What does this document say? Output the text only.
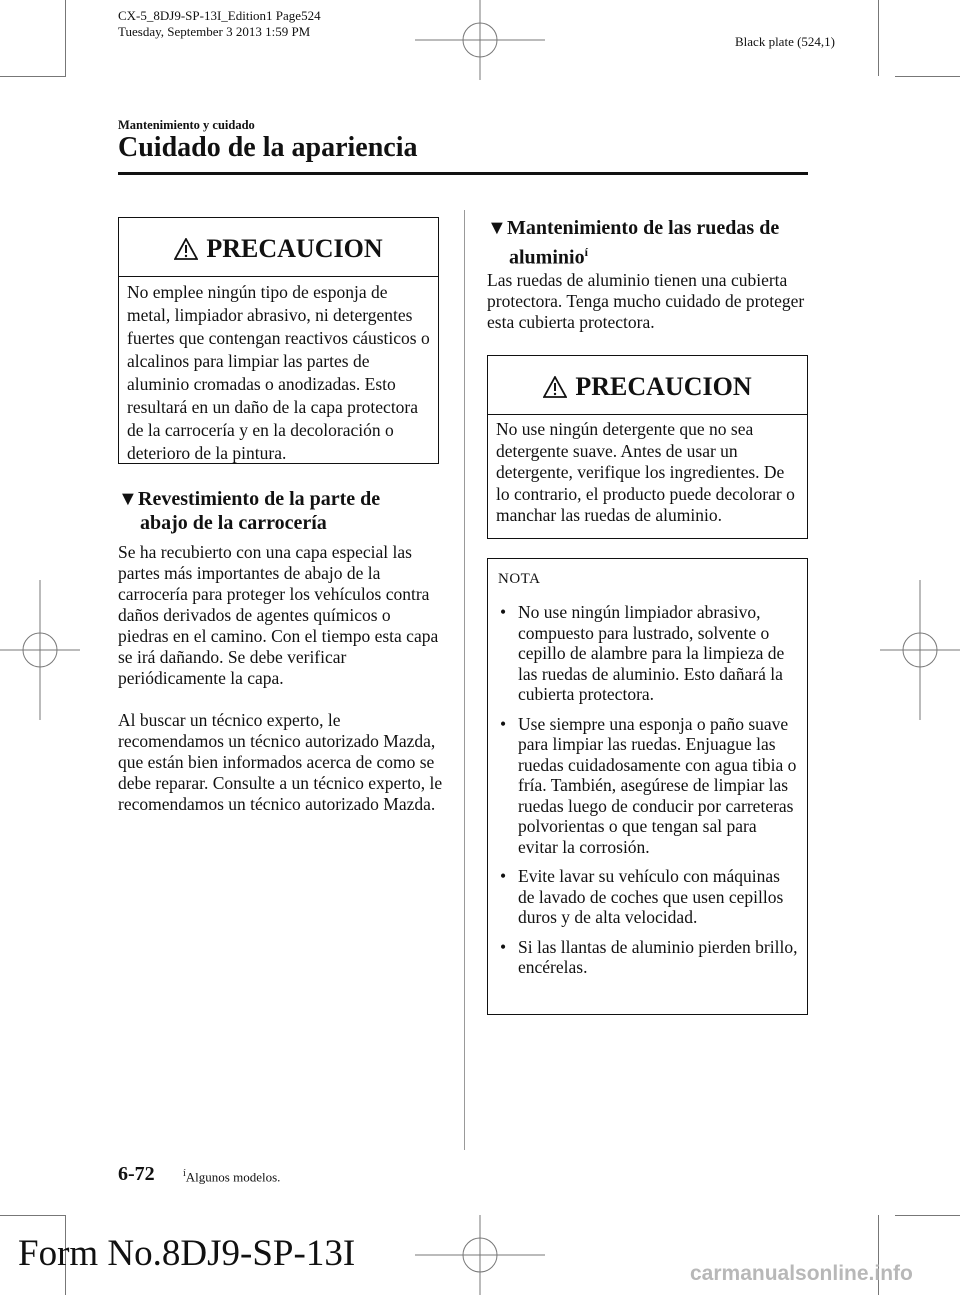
CX-5_8DJ9-SP-13I_Edition1 Page524
Tuesday, September 3 2013 1:59 PM
Black plate (524,1)
Mantenimiento y cuidado
Cuidado de la apariencia
PRECAUCION
No emplee ningún tipo de esponja de metal, limpiador abrasivo, ni detergentes fuertes que contengan reactivos cáusticos o alcalinos para limpiar las partes de aluminio cromadas o anodizadas. Esto resultará en un daño de la capa protectora de la carrocería y en la decoloración o deterioro de la pintura.
▼Revestimiento de la parte de
abajo de la carrocería
Se ha recubierto con una capa especial las partes más importantes de abajo de la carrocería para proteger los vehículos contra daños derivados de agentes químicos o piedras en el camino. Con el tiempo esta capa se irá dañando. Se debe verificar periódicamente la capa.
Al buscar un técnico experto, le recomendamos un técnico autorizado Mazda, que están bien informados acerca de como se debe reparar. Consulte a un técnico experto, le recomendamos un técnico autorizado Mazda.
▼Mantenimiento de las ruedas de
aluminio$^í$
Las ruedas de aluminio tienen una cubierta protectora. Tenga mucho cuidado de proteger esta cubierta protectora.
PRECAUCION
No use ningún detergente que no sea detergente suave. Antes de usar un detergente, verifique los ingredientes. De lo contrario, el producto puede decolorar o manchar las ruedas de aluminio.
NOTA
• No use ningún limpiador abrasivo, compuesto para lustrado, solvente o cepillo de alambre para la limpieza de las ruedas de aluminio. Esto dañará la cubierta protectora.
• Use siempre una esponja o paño suave para limpiar las ruedas. Enjuague las ruedas cuidadosamente con agua tibia o fría. También, asegúrese de limpiar las ruedas luego de conducir por carreteras polvorientas o que tengan sal para evitar la corrosión.
• Evite lavar su vehículo con máquinas de lavado de coches que usen cepillos duros y de alta velocidad.
• Si las llantas de aluminio pierden brillo, encérelas.
6-72	$^í$Algunos modelos.
Form No.8DJ9-SP-13I	carmanualsonline.info
